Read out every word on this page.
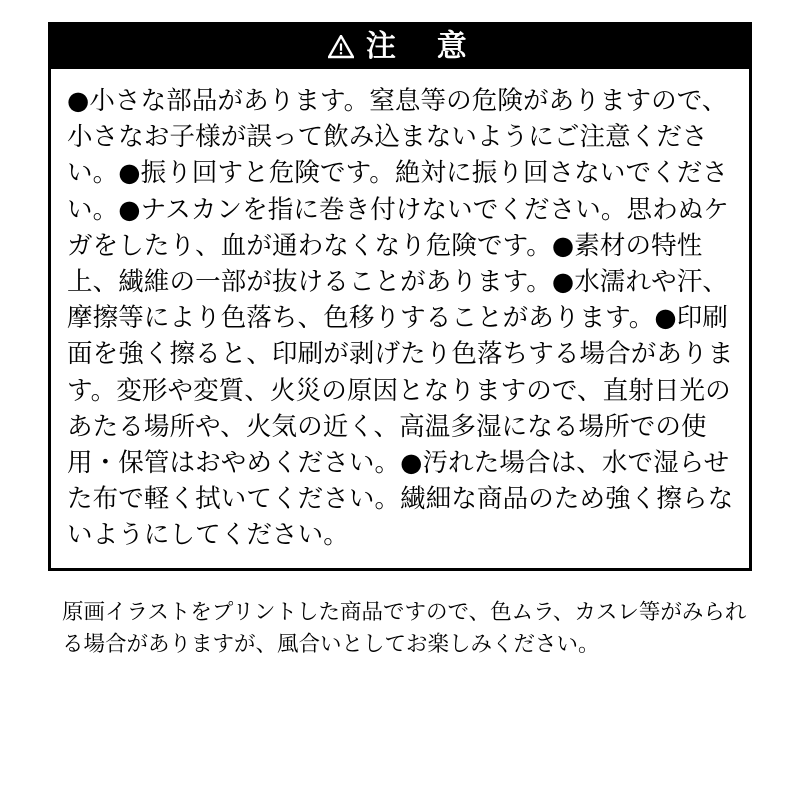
注　意

●小さな部品があります。窒息等の危険がありますので、小さなお子様が誤って飲み込まないようにご注意ください。●振り回すと危険です。絶対に振り回さないでください。●ナスカンを指に巻き付けないでください。思わぬケガをしたり、血が通わなくなり危険です。●素材の特性上、繊維の一部が抜けることがあります。●水濡れや汗、摩擦等により色落ち、色移りすることがあります。●印刷面を強く擦ると、印刷が剥げたり色落ちする場合があります。変形や変質、火災の原因となりますので、直射日光のあたる場所や、火気の近く、高温多湿になる場所での使用・保管はおやめください。●汚れた場合は、水で湿らせた布で軽く拭いてください。繊細な商品のため強く擦らないようにしてください。

原画イラストをプリントした商品ですので、色ムラ、カスレ等がみられる場合がありますが、風合いとしてお楽しみください。
